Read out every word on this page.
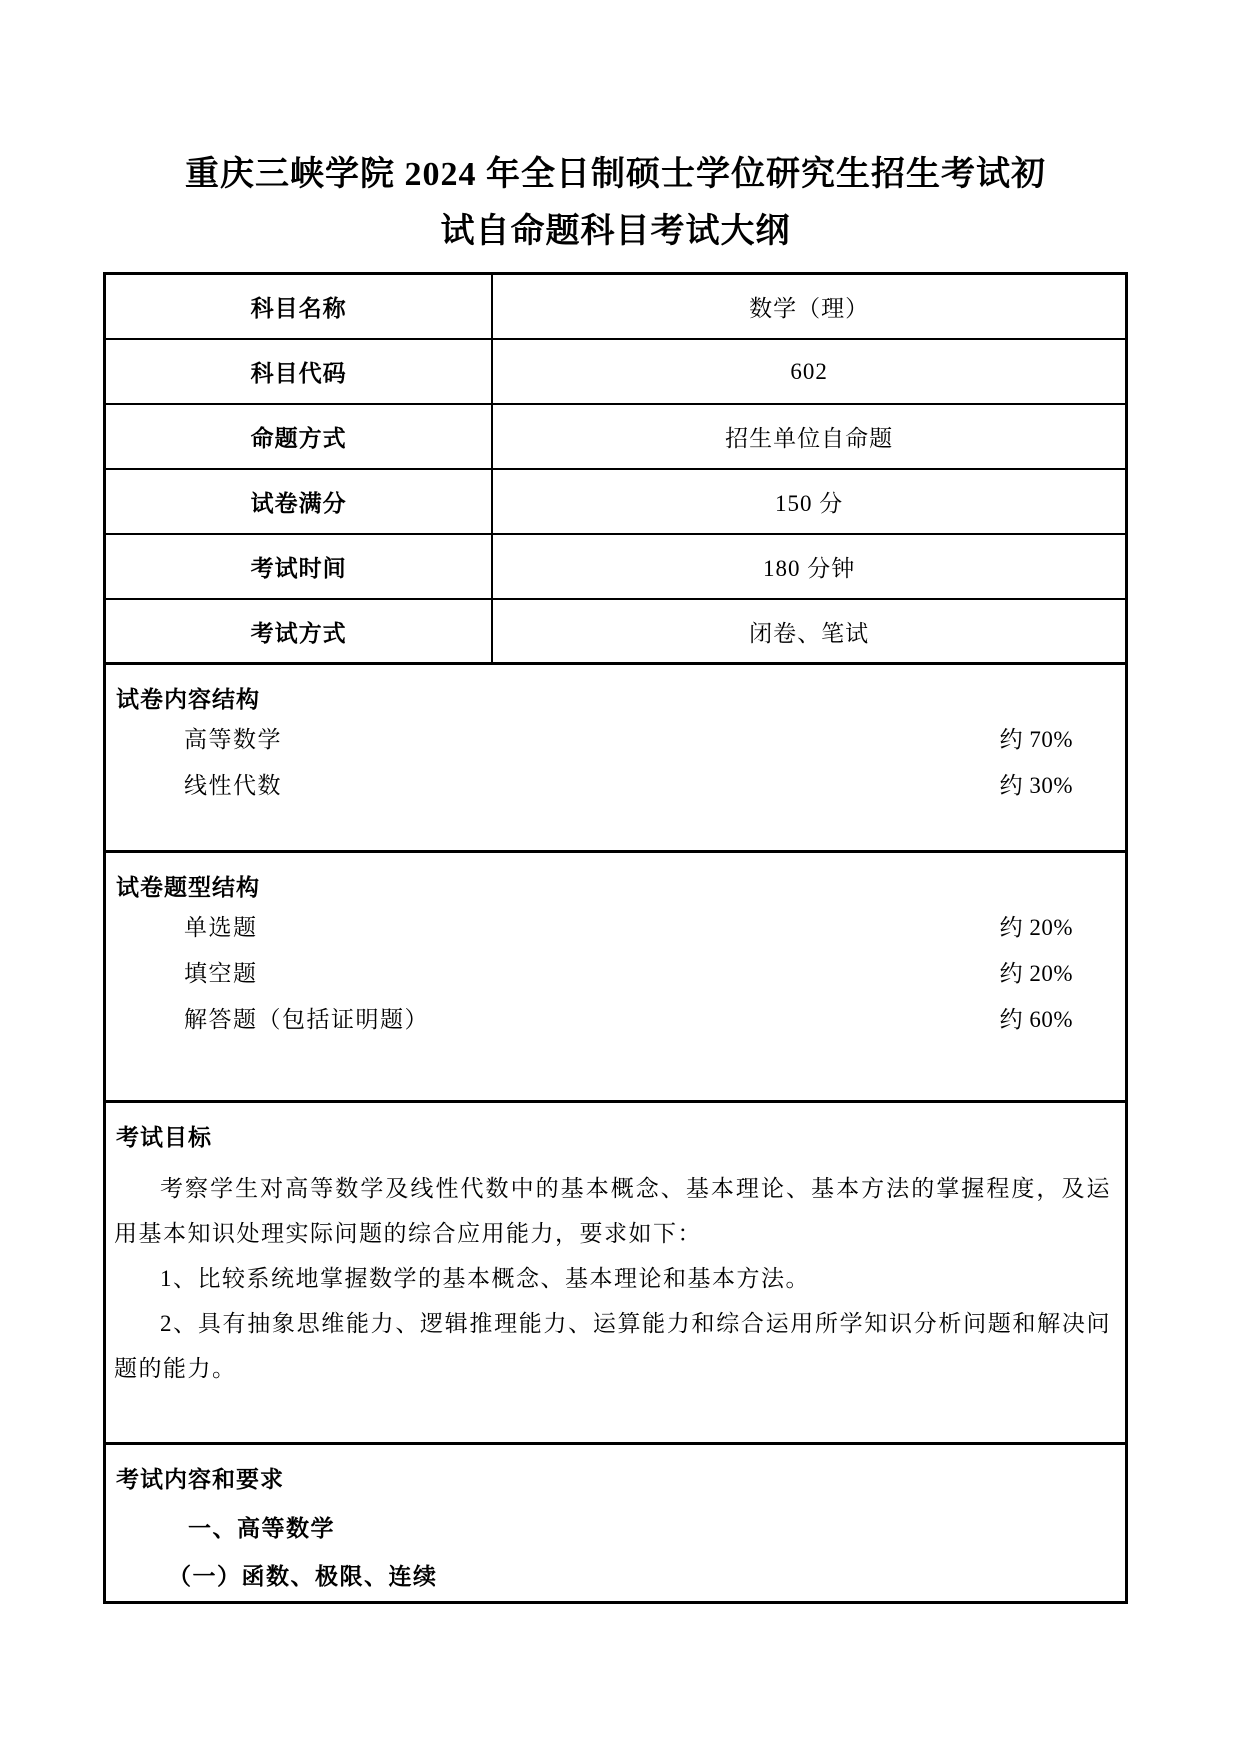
重庆三峡学院 2024 年全日制硕士学位研究生招生考试初
试自命题科目考试大纲
科目名称	数学（理）
科目代码	602
命题方式	招生单位自命题
试卷满分	150 分
考试时间	180 分钟
考试方式	闭卷、笔试
试卷内容结构
高等数学	约 70%
线性代数	约 30%
试卷题型结构
单选题	约 20%
填空题	约 20%
解答题（包括证明题）	约 60%
考试目标

考察学生对高等数学及线性代数中的基本概念、基本理论、基本方法的掌握程度，及运用基本知识处理实际问题的综合应用能力，要求如下：

1、比较系统地掌握数学的基本概念、基本理论和基本方法。

2、具有抽象思维能力、逻辑推理能力、运算能力和综合运用所学知识分析问题和解决问题的能力。

考试内容和要求
一、高等数学
（一）函数、极限、连续
